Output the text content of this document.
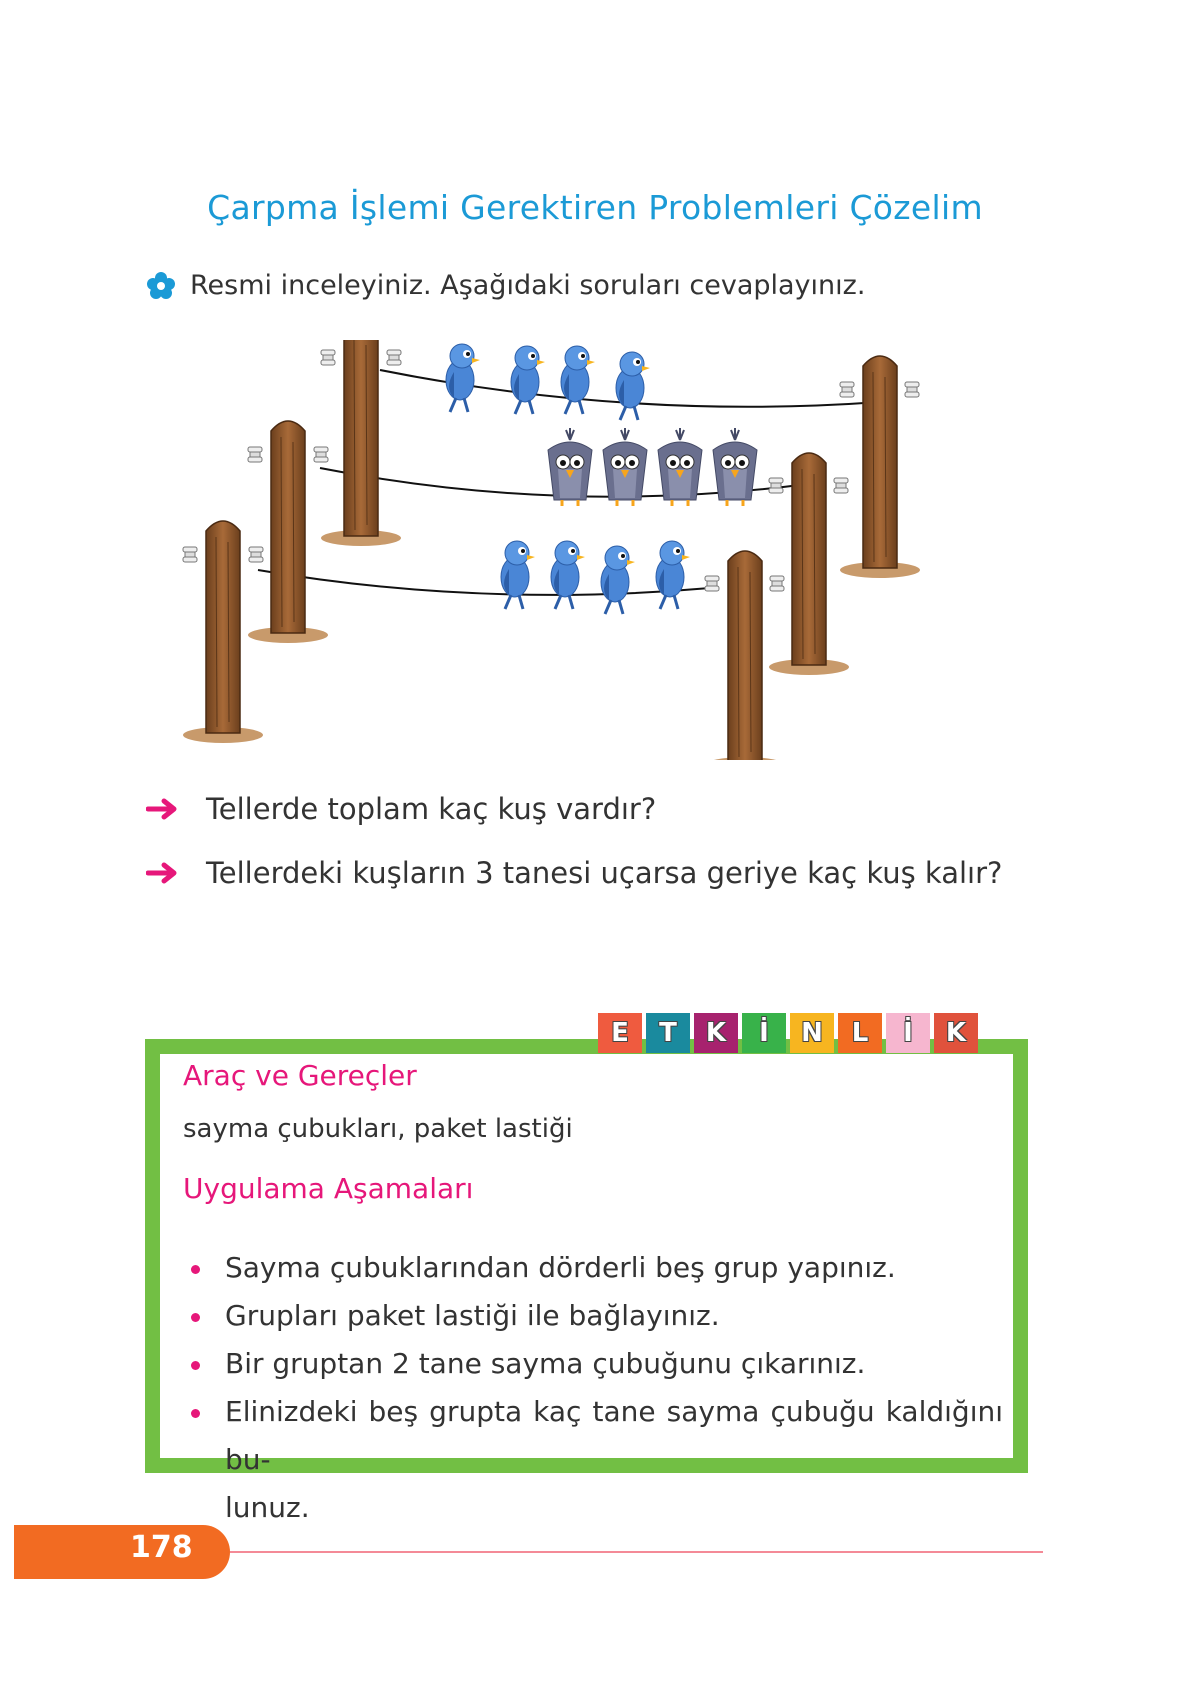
Çarpma İşlemi Gerektiren Problemleri Çözelim
Resmi inceleyiniz. Aşağıdaki soruları cevaplayınız.
Tellerde toplam kaç kuş vardır?
Tellerdeki kuşların 3 tanesi uçarsa geriye kaç kuş kalır?
Araç ve Gereçler
sayma çubukları, paket lastiği
Uygulama Aşamaları
Sayma çubuklarından dörderli beş grup yapınız.
Grupları paket lastiği ile bağlayınız.
Bir gruptan 2 tane sayma çubuğunu çıkarınız.
Elinizdeki beş grupta kaç tane sayma çubuğu kaldığını bu-
lunuz.
E	T	K	İ	N	L	İ	K
178
